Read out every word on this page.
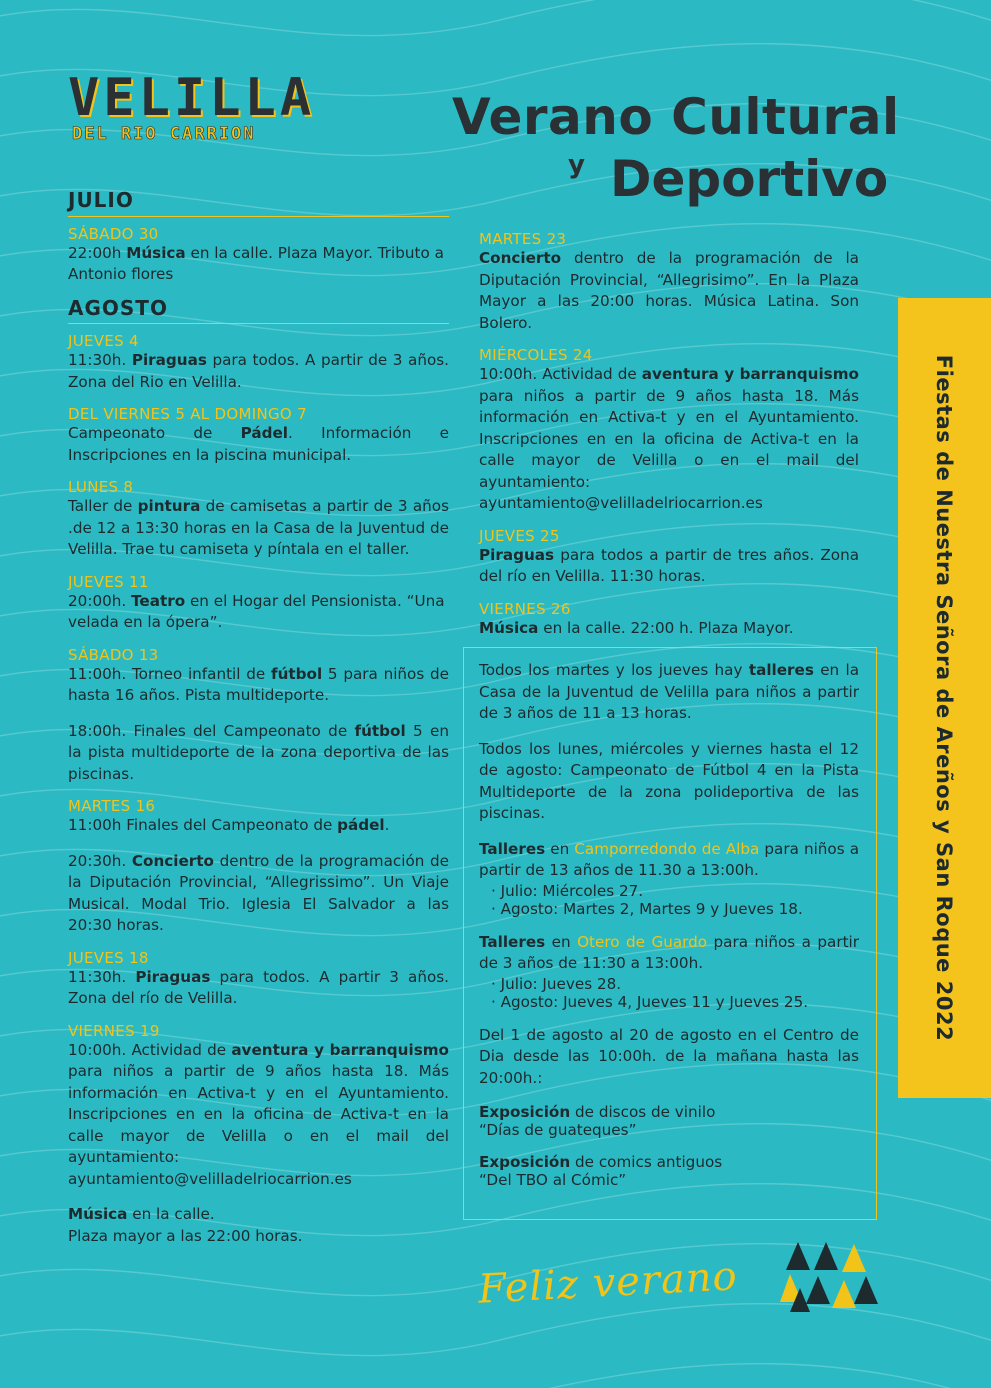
VELILLA
DEL RIO CARRION	Verano Cultural
y Deportivo
JULIO
SÁBADO 30
22:00h Música en la calle. Plaza Mayor. Tributo a Antonio flores
AGOSTO
JUEVES 4
11:30h. Piraguas para todos. A partir de 3 años. Zona del Rio en Velilla.
DEL VIERNES 5 AL DOMINGO 7
Campeonato de Pádel. Información e Inscripciones en la piscina municipal.
LUNES 8
Taller de pintura de camisetas a partir de 3 años .de 12 a 13:30 horas en la Casa de la Juventud de Velilla. Trae tu camiseta y píntala en el taller.
JUEVES 11
20:00h. Teatro en el Hogar del Pensionista. “Una velada en la ópera”.
SÁBADO 13
11:00h. Torneo infantil de fútbol 5 para niños de hasta 16 años. Pista multideporte.
18:00h. Finales del Campeonato de fútbol 5 en la pista multideporte de la zona deportiva de las piscinas.
MARTES 16
11:00h Finales del Campeonato de pádel.
20:30h. Concierto dentro de la programación de la Diputación Provincial, “Allegrissimo”. Un Viaje Musical. Modal Trio. Iglesia El Salvador a las 20:30 horas.
JUEVES 18
11:30h. Piraguas para todos. A partir 3 años. Zona del río de Velilla.
VIERNES 19
10:00h. Actividad de aventura y barranquismo para niños a partir de 9 años hasta 18. Más información en Activa-t y en el Ayuntamiento. Inscripciones en en la oficina de Activa-t en la calle mayor de Velilla o en el mail del ayuntamiento: ayuntamiento@velilladelriocarrion.es
Música en la calle.
Plaza mayor a las 22:00 horas.
MARTES 23
Concierto dentro de la programación de la Diputación Provincial, “Allegrisimo”. En la Plaza Mayor a las 20:00 horas. Música Latina. Son Bolero.
MIÉRCOLES 24
10:00h. Actividad de aventura y barranquismo para niños a partir de 9 años hasta 18. Más información en Activa-t y en el Ayuntamiento. Inscripciones en en la oficina de Activa-t en la calle mayor de Velilla o en el mail del ayuntamiento: ayuntamiento@velilladelriocarrion.es
JUEVES 25
Piraguas para todos a partir de tres años. Zona del río en Velilla. 11:30 horas.
VIERNES 26
Música en la calle. 22:00 h. Plaza Mayor.

Todos los martes y los jueves hay talleres en la Casa de la Juventud de Velilla para niños a partir de 3 años de 11 a 13 horas.

Todos los lunes, miércoles y viernes hasta el 12 de agosto: Campeonato de Fútbol 4 en la Pista Multideporte de la zona polideportiva de las piscinas.

Talleres en Camporredondo de Alba para niños a partir de 13 años de 11.30 a 13:00h.
· Julio: Miércoles 27.
· Agosto: Martes 2, Martes 9 y Jueves 18.

Talleres en Otero de Guardo para niños a partir de 3 años de 11:30 a 13:00h.
· Julio: Jueves 28.
· Agosto: Jueves 4, Jueves 11 y Jueves 25.

Del 1 de agosto al 20 de agosto en el Centro de Dia desde las 10:00h. de la mañana hasta las 20:00h.:

Exposición de discos de vinilo
“Días de guateques”

Exposición de comics antiguos
“Del TBO al Cómic”

Fiestas de Nuestra Señora de Areños y San Roque 2022
Feliz verano
